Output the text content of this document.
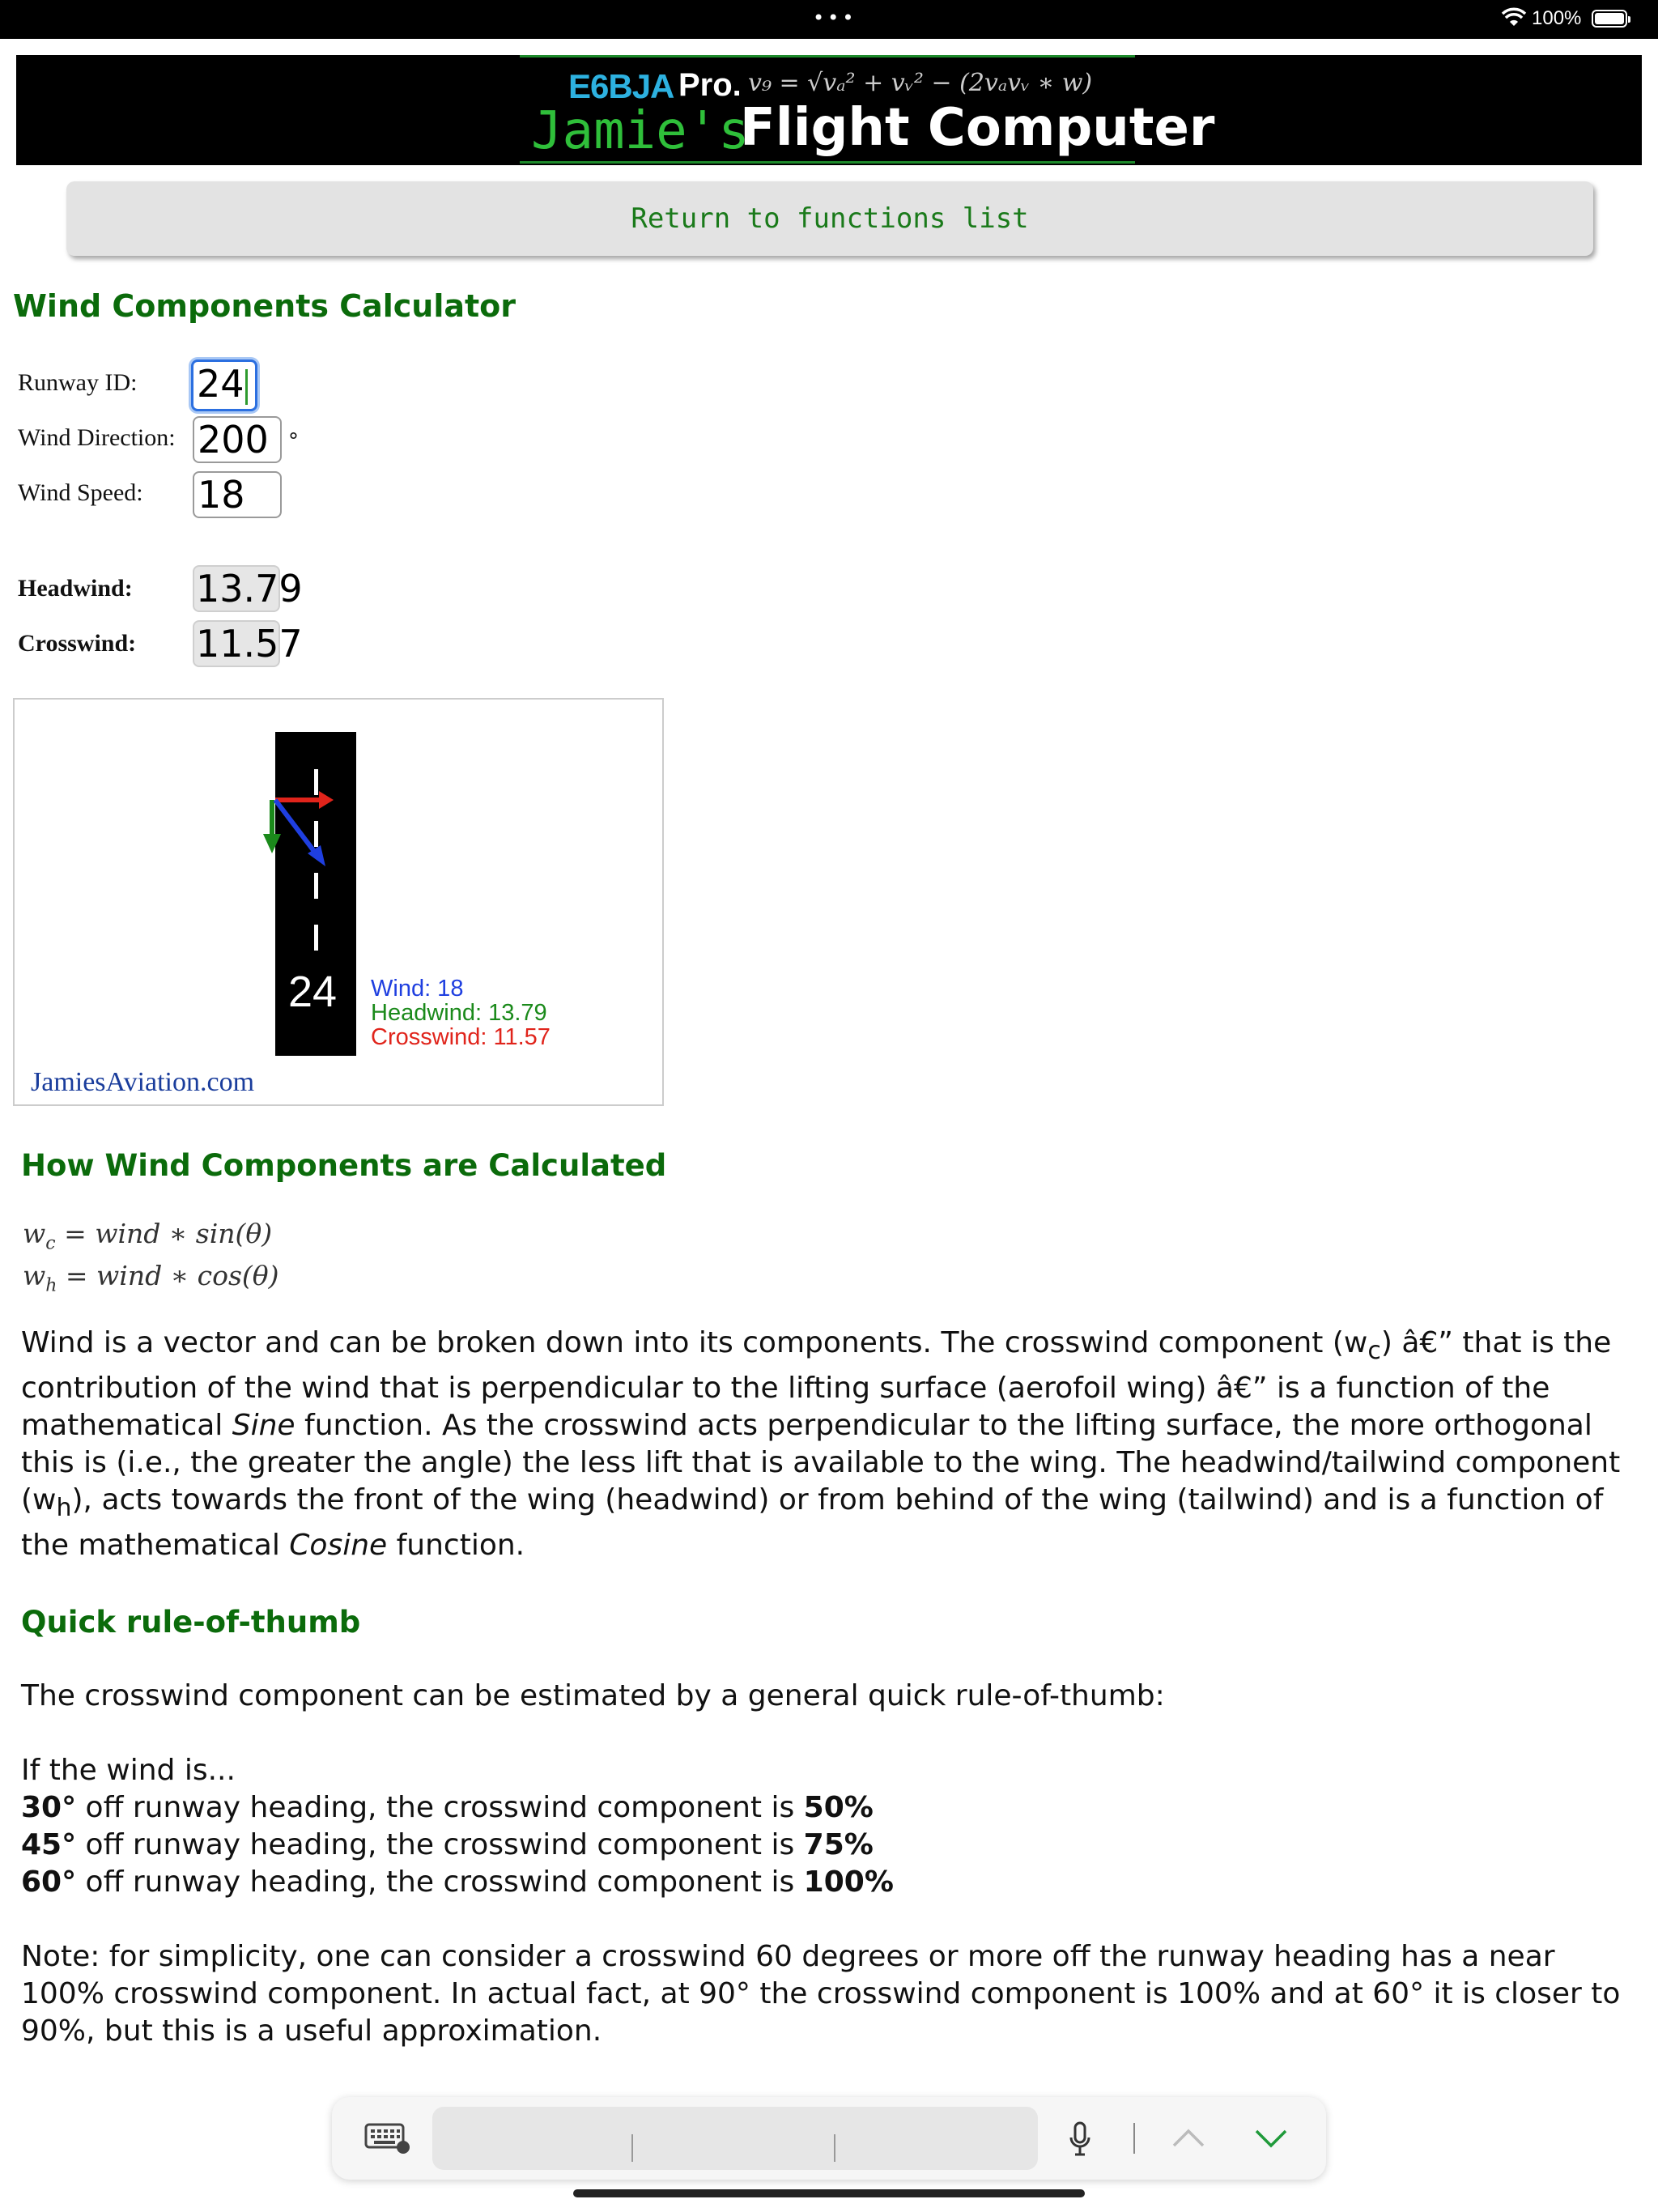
•••	100%
E6BJA Pro. v₉ = √vₐ² + vᵥ² − (2vₐvᵥ ∗ w)
Jamie's
Flight Computer
Return to functions list
Wind Components Calculator
Runway ID: 24
Wind Direction: 200 °
Wind Speed: 18
Headwind: 13.79
Crosswind: 11.57
24 Wind: 18
Headwind: 13.79
Crosswind: 11.57
JamiesAviation.com
How Wind Components are Calculated
$w_c$ = wind ∗ sin(θ)
$w_h$ = wind ∗ cos(θ)

Wind is a vector and can be broken down into its components. The crosswind component $(w_c)$ â€” that is the contribution of the wind that is perpendicular to the lifting surface (aerofoil wing) â€” is a function of the mathematical Sine function. As the crosswind acts perpendicular to the lifting surface, the more orthogonal this is (i.e., the greater the angle) the less lift that is available to the wing. The headwind/tailwind component $(w_h)$, acts towards the front of the wing (headwind) or from behind of the wing (tailwind) and is a function of the mathematical Cosine function.

Quick rule-of-thumb

The crosswind component can be estimated by a general quick rule-of-thumb:

If the wind is...
30° off runway heading, the crosswind component is 50%
45° off runway heading, the crosswind component is 75%
60° off runway heading, the crosswind component is 100%

Note: for simplicity, one can consider a crosswind 60 degrees or more off the runway heading has a near 100% crosswind component. In actual fact, at 90° the crosswind component is 100% and at 60° it is closer to 90%, but this is a useful approximation.
